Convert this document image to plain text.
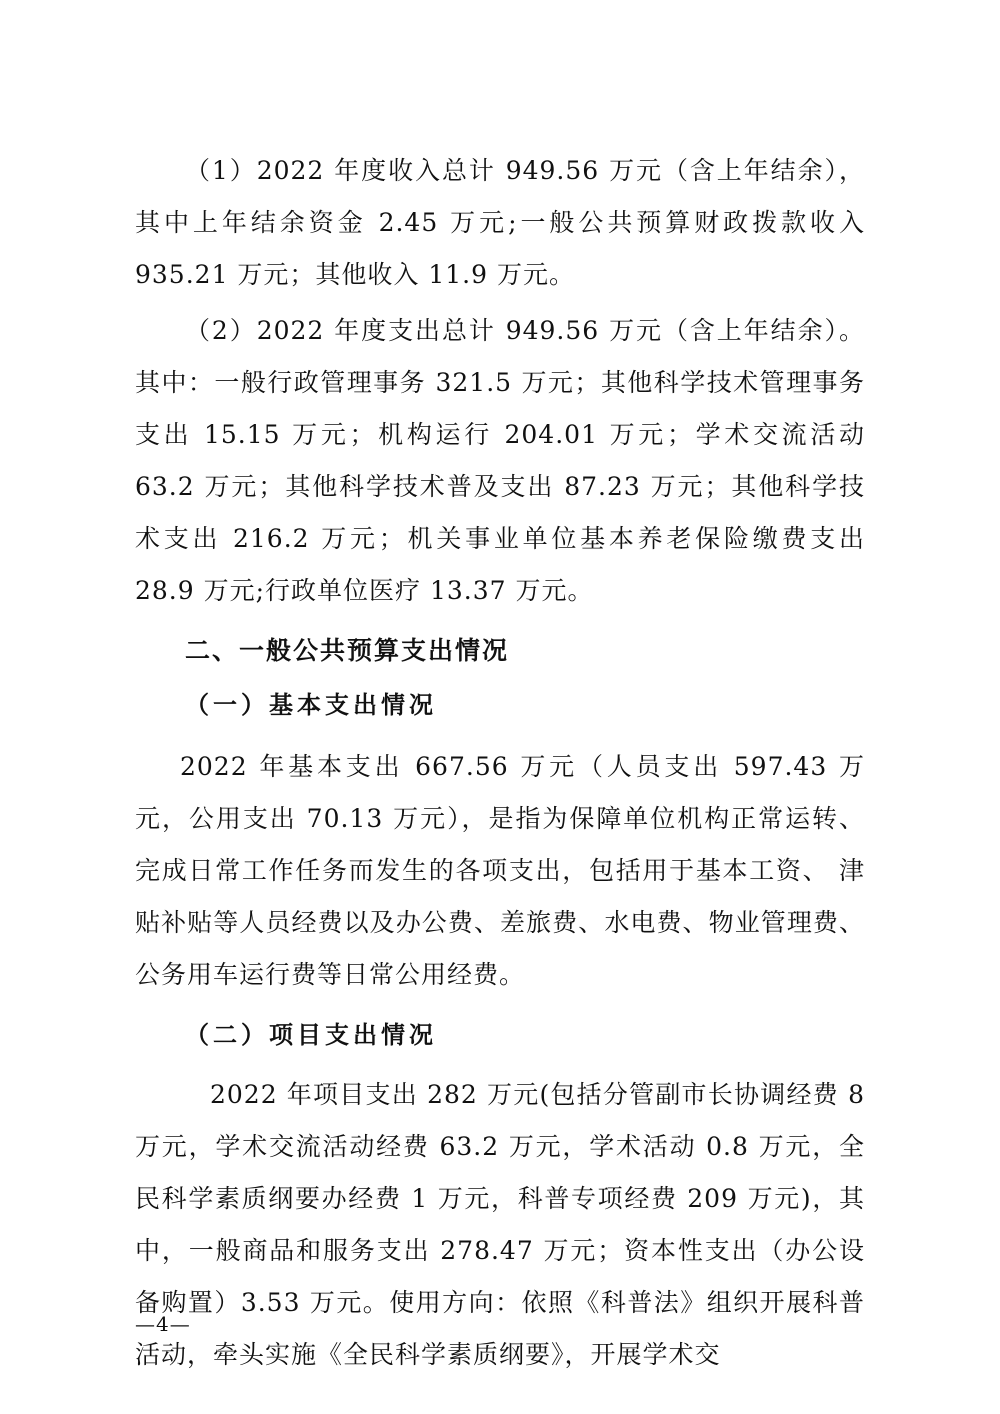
（1）2022 年度收入总计 949.56 万元（含上年结余），其中上年结余资金 2.45 万元;一般公共预算财政拨款收入 935.21 万元；其他收入 11.9 万元。

（2）2022 年度支出总计 949.56 万元（含上年结余）。其中：一般行政管理事务 321.5 万元；其他科学技术管理事务支出 15.15 万元；机构运行 204.01 万元；学术交流活动 63.2 万元；其他科学技术普及支出 87.23 万元；其他科学技术支出 216.2 万元；机关事业单位基本养老保险缴费支出 28.9 万元;行政单位医疗 13.37 万元。

二、一般公共预算支出情况
（一）基本支出情况

2022 年基本支出 667.56 万元（人员支出 597.43 万元，公用支出 70.13 万元），是指为保障单位机构正常运转、完成日常工作任务而发生的各项支出，包括用于基本工资、 津贴补贴等人员经费以及办公费、差旅费、水电费、物业管理费、 公务用车运行费等日常公用经费。

（二）项目支出情况

2022 年项目支出 282 万元(包括分管副市长协调经费 8 万元，学术交流活动经费 63.2 万元，学术活动 0.8 万元，全民科学素质纲要办经费 1 万元，科普专项经费 209 万元)，其中，一般商品和服务支出 278.47 万元；资本性支出（办公设备购置）3.53 万元。使用方向：依照《科普法》组织开展科普活动，牵头实施《全民科学素质纲要》，开展学术交

—4—
